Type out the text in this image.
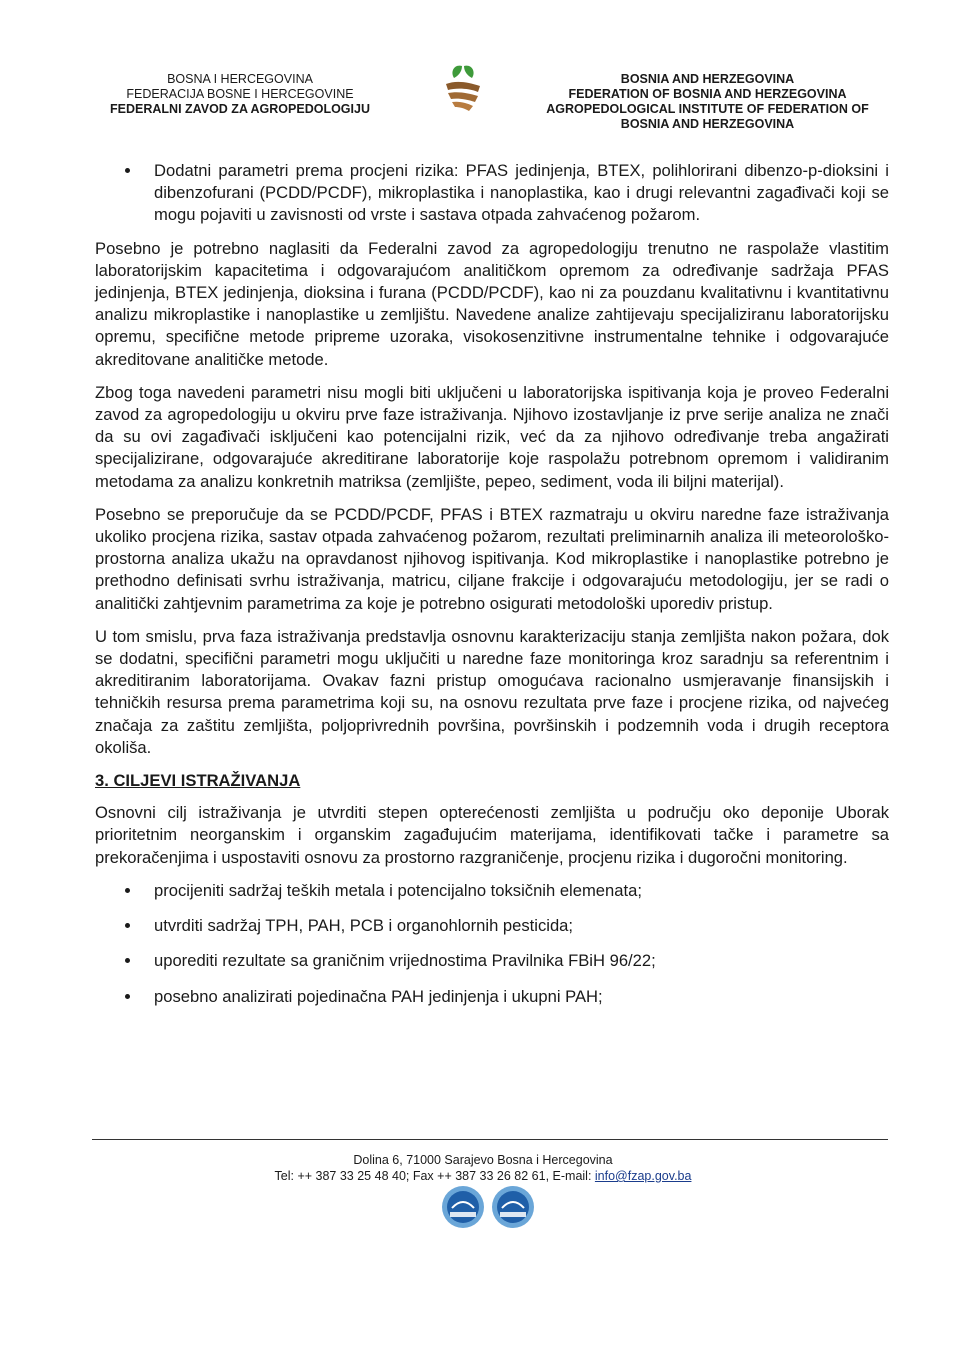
BOSNA I HERCEGOVINA
FEDERACIJA BOSNE I HERCEGOVINE
FEDERALNI ZAVOD ZA AGROPEDOLOGIJU
BOSNIA AND HERZEGOVINA
FEDERATION OF BOSNIA AND HERZEGOVINA
AGROPEDOLOGICAL INSTITUTE OF FEDERATION OF
BOSNIA AND HERZEGOVINA
Dodatni parametri prema procjeni rizika: PFAS jedinjenja, BTEX, polihlorirani dibenzo-p-dioksini i dibenzofurani (PCDD/PCDF), mikroplastika i nanoplastika, kao i drugi relevantni zagađivači koji se mogu pojaviti u zavisnosti od vrste i sastava otpada zahvaćenog požarom.

Posebno je potrebno naglasiti da Federalni zavod za agropedologiju trenutno ne raspolaže vlastitim laboratorijskim kapacitetima i odgovarajućom analitičkom opremom za određivanje sadržaja PFAS jedinjenja, BTEX jedinjenja, dioksina i furana (PCDD/PCDF), kao ni za pouzdanu kvalitativnu i kvantitativnu analizu mikroplastike i nanoplastike u zemljištu. Navedene analize zahtijevaju specijaliziranu laboratorijsku opremu, specifične metode pripreme uzoraka, visokosenzitivne instrumentalne tehnike i odgovarajuće akreditovane analitičke metode.

Zbog toga navedeni parametri nisu mogli biti uključeni u laboratorijska ispitivanja koja je proveo Federalni zavod za agropedologiju u okviru prve faze istraživanja. Njihovo izostavljanje iz prve serije analiza ne znači da su ovi zagađivači isključeni kao potencijalni rizik, već da za njihovo određivanje treba angažirati specijalizirane, odgovarajuće akreditirane laboratorije koje raspolažu potrebnom opremom i validiranim metodama za analizu konkretnih matriksa (zemljište, pepeo, sediment, voda ili biljni materijal).

Posebno se preporučuje da se PCDD/PCDF, PFAS i BTEX razmatraju u okviru naredne faze istraživanja ukoliko procjena rizika, sastav otpada zahvaćenog požarom, rezultati preliminarnih analiza ili meteorološko-prostorna analiza ukažu na opravdanost njihovog ispitivanja. Kod mikroplastike i nanoplastike potrebno je prethodno definisati svrhu istraživanja, matricu, ciljane frakcije i odgovarajuću metodologiju, jer se radi o analitički zahtjevnim parametrima za koje je potrebno osigurati metodološki uporediv pristup.

U tom smislu, prva faza istraživanja predstavlja osnovnu karakterizaciju stanja zemljišta nakon požara, dok se dodatni, specifični parametri mogu uključiti u naredne faze monitoringa kroz saradnju sa referentnim i akreditiranim laboratorijama. Ovakav fazni pristup omogućava racionalno usmjeravanje finansijskih i tehničkih resursa prema parametrima koji su, na osnovu rezultata prve faze i procjene rizika, od najvećeg značaja za zaštitu zemljišta, poljoprivrednih površina, površinskih i podzemnih voda i drugih receptora okoliša.

3. CILJEVI ISTRAŽIVANJA

Osnovni cilj istraživanja je utvrditi stepen opterećenosti zemljišta u području oko deponije Uborak prioritetnim neorganskim i organskim zagađujućim materijama, identifikovati tačke i parametre sa prekoračenjima i uspostaviti osnovu za prostorno razgraničenje, procjenu rizika i dugoročni monitoring.

procijeniti sadržaj teških metala i potencijalno toksičnih elemenata;
utvrditi sadržaj TPH, PAH, PCB i organohlornih pesticida;
uporediti rezultate sa graničnim vrijednostima Pravilnika FBiH 96/22;
posebno analizirati pojedinačna PAH jedinjenja i ukupni PAH;
Dolina 6, 71000 Sarajevo Bosna i Hercegovina
Tel: ++ 387 33 25 48 40; Fax ++ 387 33 26 82 61, E-mail: info@fzap.gov.ba
